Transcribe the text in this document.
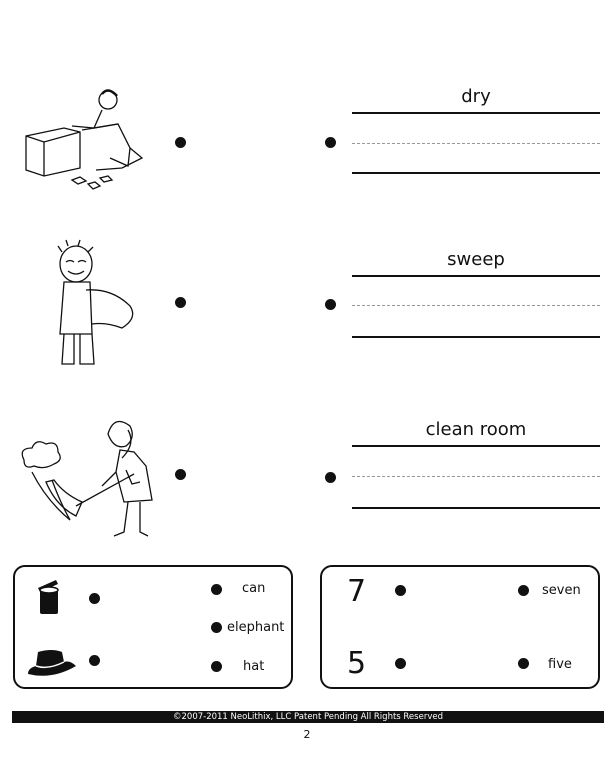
dry
sweep
clean room
can
elephant
hat
7
5
seven
five
©2007-2011 NeoLithix, LLC Patent Pending All Rights Reserved
2
